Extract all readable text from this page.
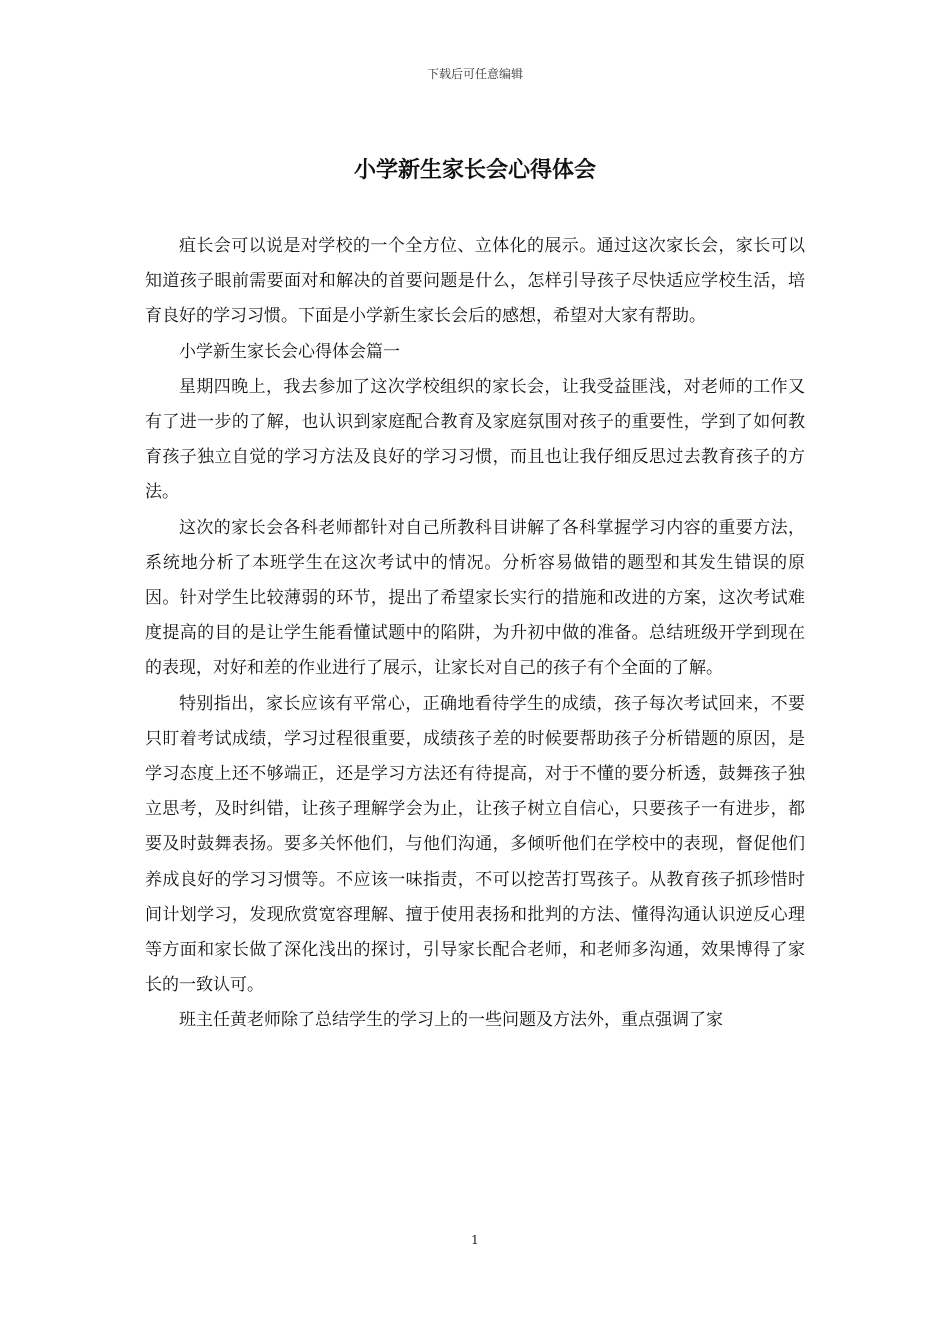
下载后可任意编辑
小学新生家长会心得体会

疽长会可以说是对学校的一个全方位、立体化的展示。通过这次家长会，家长可以知道孩子眼前需要面对和解决的首要问题是什么，怎样引导孩子尽快适应学校生活，培育良好的学习习惯。下面是小学新生家长会后的感想，希望对大家有帮助。

小学新生家长会心得体会篇一

星期四晚上，我去参加了这次学校组织的家长会，让我受益匪浅，对老师的工作又有了进一步的了解，也认识到家庭配合教育及家庭氛围对孩子的重要性，学到了如何教育孩子独立自觉的学习方法及良好的学习习惯，而且也让我仔细反思过去教育孩子的方法。

这次的家长会各科老师都针对自己所教科目讲解了各科掌握学习内容的重要方法，系统地分析了本班学生在这次考试中的情况。分析容易做错的题型和其发生错误的原因。针对学生比较薄弱的环节，提出了希望家长实行的措施和改进的方案，这次考试难度提高的目的是让学生能看懂试题中的陷阱，为升初中做的准备。总结班级开学到现在的表现，对好和差的作业进行了展示，让家长对自己的孩子有个全面的了解。

特别指出，家长应该有平常心，正确地看待学生的成绩，孩子每次考试回来，不要只盯着考试成绩，学习过程很重要，成绩孩子差的时候要帮助孩子分析错题的原因，是学习态度上还不够端正，还是学习方法还有待提高，对于不懂的要分析透，鼓舞孩子独立思考，及时纠错，让孩子理解学会为止，让孩子树立自信心，只要孩子一有进步，都要及时鼓舞表扬。要多关怀他们，与他们沟通，多倾听他们在学校中的表现，督促他们养成良好的学习习惯等。不应该一味指责，不可以挖苦打骂孩子。从教育孩子抓珍惜时间计划学习，发现欣赏宽容理解、擅于使用表扬和批判的方法、懂得沟通认识逆反心理等方面和家长做了深化浅出的探讨，引导家长配合老师，和老师多沟通，效果博得了家长的一致认可。

班主任黄老师除了总结学生的学习上的一些问题及方法外，重点强调了家

1
